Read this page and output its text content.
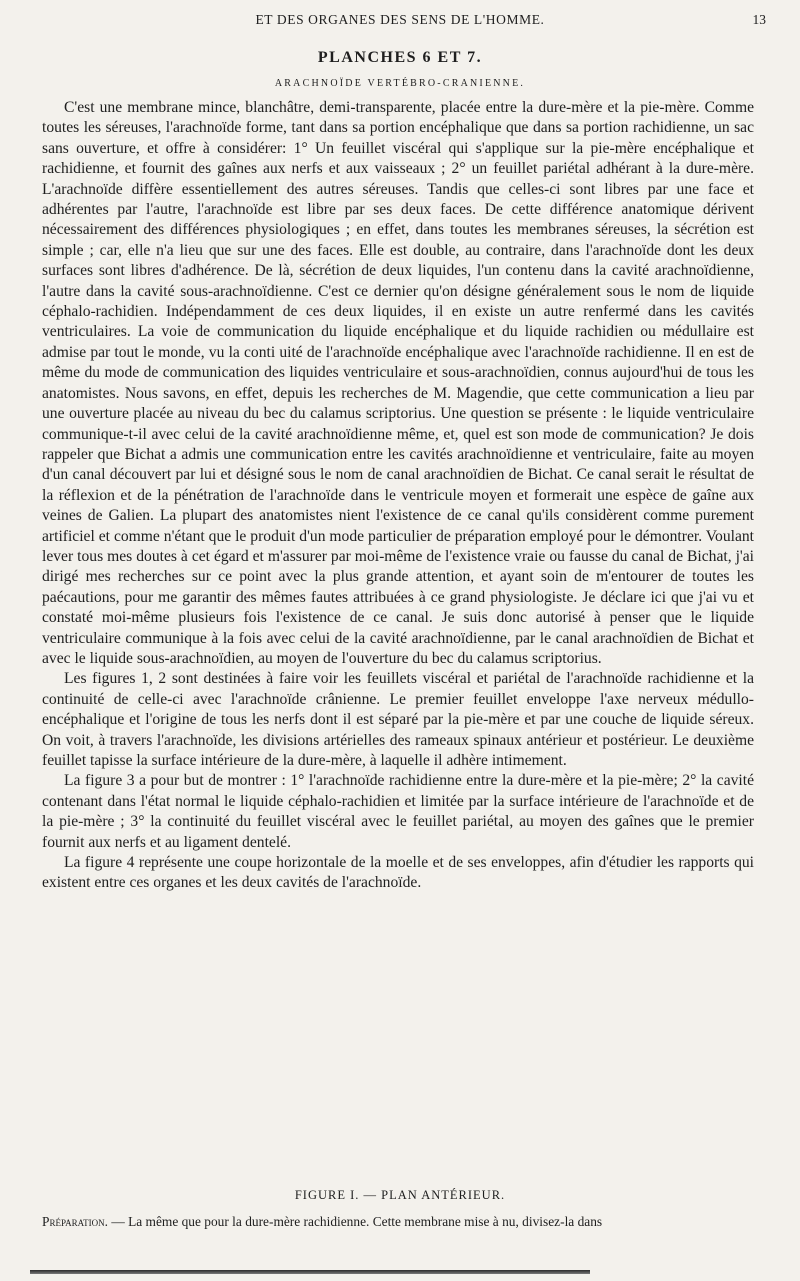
ET DES ORGANES DES SENS DE L'HOMME.	13
PLANCHES 6 ET 7.
ARACHNOÏDE VERTÉBRO-CRANIENNE.

C'est une membrane mince, blanchâtre, demi-transparente, placée entre la dure-mère et la pie-mère. Comme toutes les séreuses, l'arachnoïde forme, tant dans sa portion encéphalique que dans sa portion rachidienne, un sac sans ouverture, et offre à considérer: 1° Un feuillet viscéral qui s'applique sur la pie-mère encéphalique et rachidienne, et fournit des gaînes aux nerfs et aux vaisseaux ; 2° un feuillet pariétal adhérant à la dure-mère. L'arachnoïde diffère essentiellement des autres séreuses. Tandis que celles-ci sont libres par une face et adhérentes par l'autre, l'arachnoïde est libre par ses deux faces. De cette différence anatomique dérivent nécessairement des différences physiologiques ; en effet, dans toutes les membranes séreuses, la sécrétion est simple ; car, elle n'a lieu que sur une des faces. Elle est double, au contraire, dans l'arachnoïde dont les deux surfaces sont libres d'adhérence. De là, sécrétion de deux liquides, l'un contenu dans la cavité arachnoïdienne, l'autre dans la cavité sous-arachnoïdienne. C'est ce dernier qu'on désigne généralement sous le nom de liquide céphalo-rachidien. Indépendamment de ces deux liquides, il en existe un autre renfermé dans les cavités ventriculaires. La voie de communication du liquide encéphalique et du liquide rachidien ou médullaire est admise par tout le monde, vu la conti uité de l'arachnoïde encéphalique avec l'arachnoïde rachidienne. Il en est de même du mode de communication des liquides ventriculaire et sous-arachnoïdien, connus aujourd'hui de tous les anatomistes. Nous savons, en effet, depuis les recherches de M. Magendie, que cette communication a lieu par une ouverture placée au niveau du bec du calamus scriptorius. Une question se présente : le liquide ventriculaire communique-t-il avec celui de la cavité arachnoïdienne même, et, quel est son mode de communication? Je dois rappeler que Bichat a admis une communication entre les cavités arachnoïdienne et ventriculaire, faite au moyen d'un canal découvert par lui et désigné sous le nom de canal arachnoïdien de Bichat. Ce canal serait le résultat de la réflexion et de la pénétration de l'arachnoïde dans le ventricule moyen et formerait une espèce de gaîne aux veines de Galien. La plupart des anatomistes nient l'existence de ce canal qu'ils considèrent comme purement artificiel et comme n'étant que le produit d'un mode particulier de préparation employé pour le démontrer. Voulant lever tous mes doutes à cet égard et m'assurer par moi-même de l'existence vraie ou fausse du canal de Bichat, j'ai dirigé mes recherches sur ce point avec la plus grande attention, et ayant soin de m'entourer de toutes les paécautions, pour me garantir des mêmes fautes attribuées à ce grand physiologiste. Je déclare ici que j'ai vu et constaté moi-même plusieurs fois l'existence de ce canal. Je suis donc autorisé à penser que le liquide ventriculaire communique à la fois avec celui de la cavité arachnoïdienne, par le canal arachnoïdien de Bichat et avec le liquide sous-arachnoïdien, au moyen de l'ouverture du bec du calamus scriptorius.

Les figures 1, 2 sont destinées à faire voir les feuillets viscéral et pariétal de l'arachnoïde rachidienne et la continuité de celle-ci avec l'arachnoïde crânienne. Le premier feuillet enveloppe l'axe nerveux médullo-encéphalique et l'origine de tous les nerfs dont il est séparé par la pie-mère et par une couche de liquide séreux. On voit, à travers l'arachnoïde, les divisions artérielles des rameaux spinaux antérieur et postérieur. Le deuxième feuillet tapisse la surface intérieure de la dure-mère, à laquelle il adhère intimement.

La figure 3 a pour but de montrer : 1° l'arachnoïde rachidienne entre la dure-mère et la pie-mère; 2° la cavité contenant dans l'état normal le liquide céphalo-rachidien et limitée par la surface intérieure de l'arachnoïde et de la pie-mère ; 3° la continuité du feuillet viscéral avec le feuillet pariétal, au moyen des gaînes que le premier fournit aux nerfs et au ligament dentelé.

La figure 4 représente une coupe horizontale de la moelle et de ses enveloppes, afin d'étudier les rapports qui existent entre ces organes et les deux cavités de l'arachnoïde.

FIGURE I. — PLAN ANTÉRIEUR.
Préparation. — La même que pour la dure-mère rachidienne. Cette membrane mise à nu, divisez-la dans
